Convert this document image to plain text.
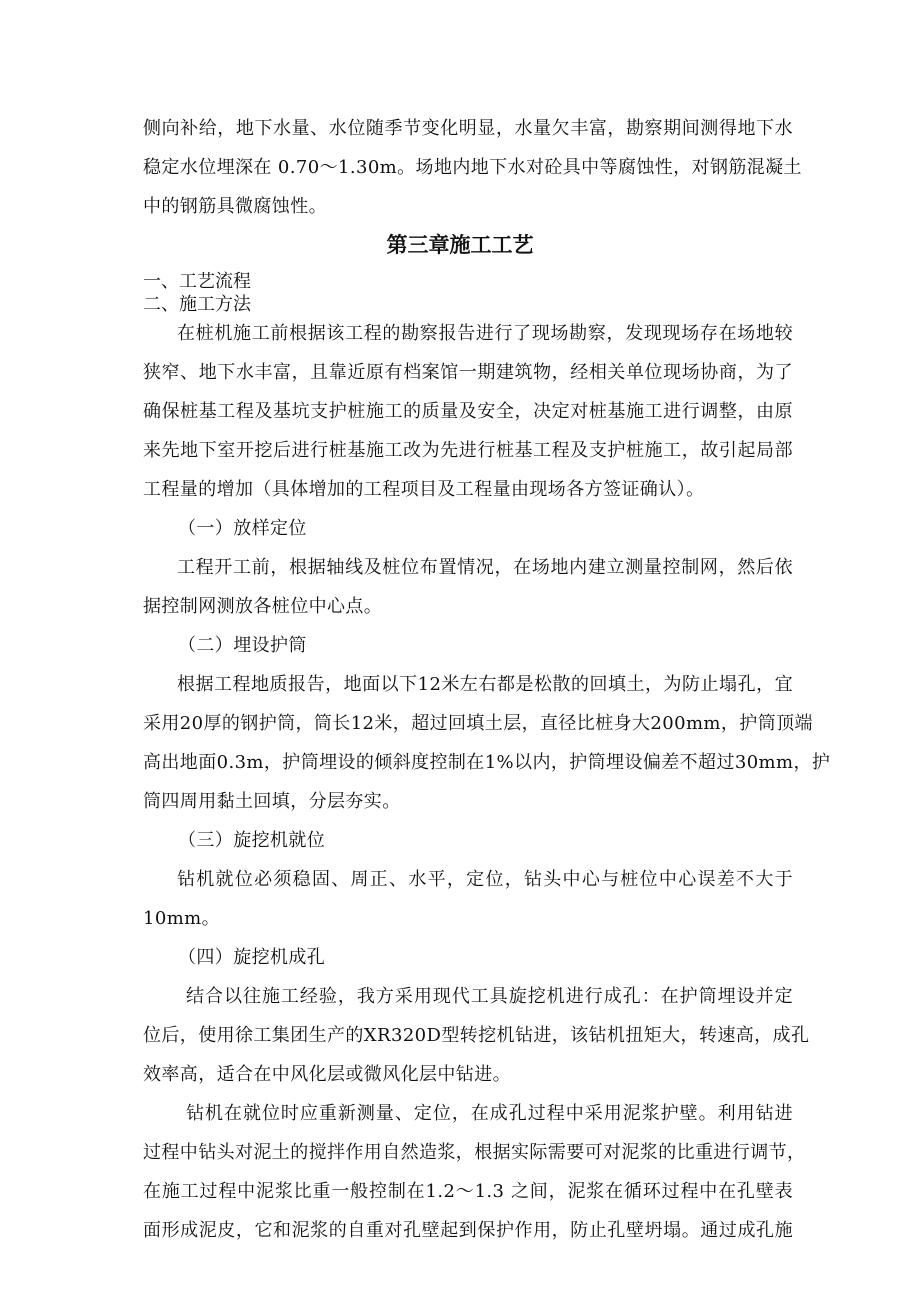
侧向补给，地下水量、水位随季节变化明显，水量欠丰富，勘察期间测得地下水
稳定水位埋深在 0.70～1.30m。场地内地下水对砼具中等腐蚀性，对钢筋混凝土
中的钢筋具微腐蚀性。
第三章施工工艺
一、工艺流程
二、施工方法
在桩机施工前根据该工程的勘察报告进行了现场勘察，发现现场存在场地较
狭窄、地下水丰富，且靠近原有档案馆一期建筑物，经相关单位现场协商，为了
确保桩基工程及基坑支护桩施工的质量及安全，决定对桩基施工进行调整，由原
来先地下室开挖后进行桩基施工改为先进行桩基工程及支护桩施工，故引起局部
工程量的增加（具体增加的工程项目及工程量由现场各方签证确认）。
（一）放样定位
工程开工前，根据轴线及桩位布置情况，在场地内建立测量控制网，然后依
据控制网测放各桩位中心点。
（二）埋设护筒
根据工程地质报告，地面以下12米左右都是松散的回填土，为防止塌孔，宜
采用20厚的钢护筒，筒长12米，超过回填土层，直径比桩身大200mm，护筒顶端
高出地面0.3m，护筒埋设的倾斜度控制在1%以内，护筒埋设偏差不超过30mm，护
筒四周用黏土回填，分层夯实。
（三）旋挖机就位
钻机就位必须稳固、周正、水平，定位，钻头中心与桩位中心误差不大于
10mm。
（四）旋挖机成孔
结合以往施工经验，我方采用现代工具旋挖机进行成孔：在护筒埋设并定
位后，使用徐工集团生产的XR320D型转挖机钻进，该钻机扭矩大，转速高，成孔
效率高，适合在中风化层或微风化层中钻进。
钻机在就位时应重新测量、定位，在成孔过程中采用泥浆护壁。利用钻进
过程中钻头对泥土的搅拌作用自然造浆，根据实际需要可对泥浆的比重进行调节，
在施工过程中泥浆比重一般控制在1.2～1.3 之间，泥浆在循环过程中在孔壁表
面形成泥皮，它和泥浆的自重对孔壁起到保护作用，防止孔壁坍塌。通过成孔施
